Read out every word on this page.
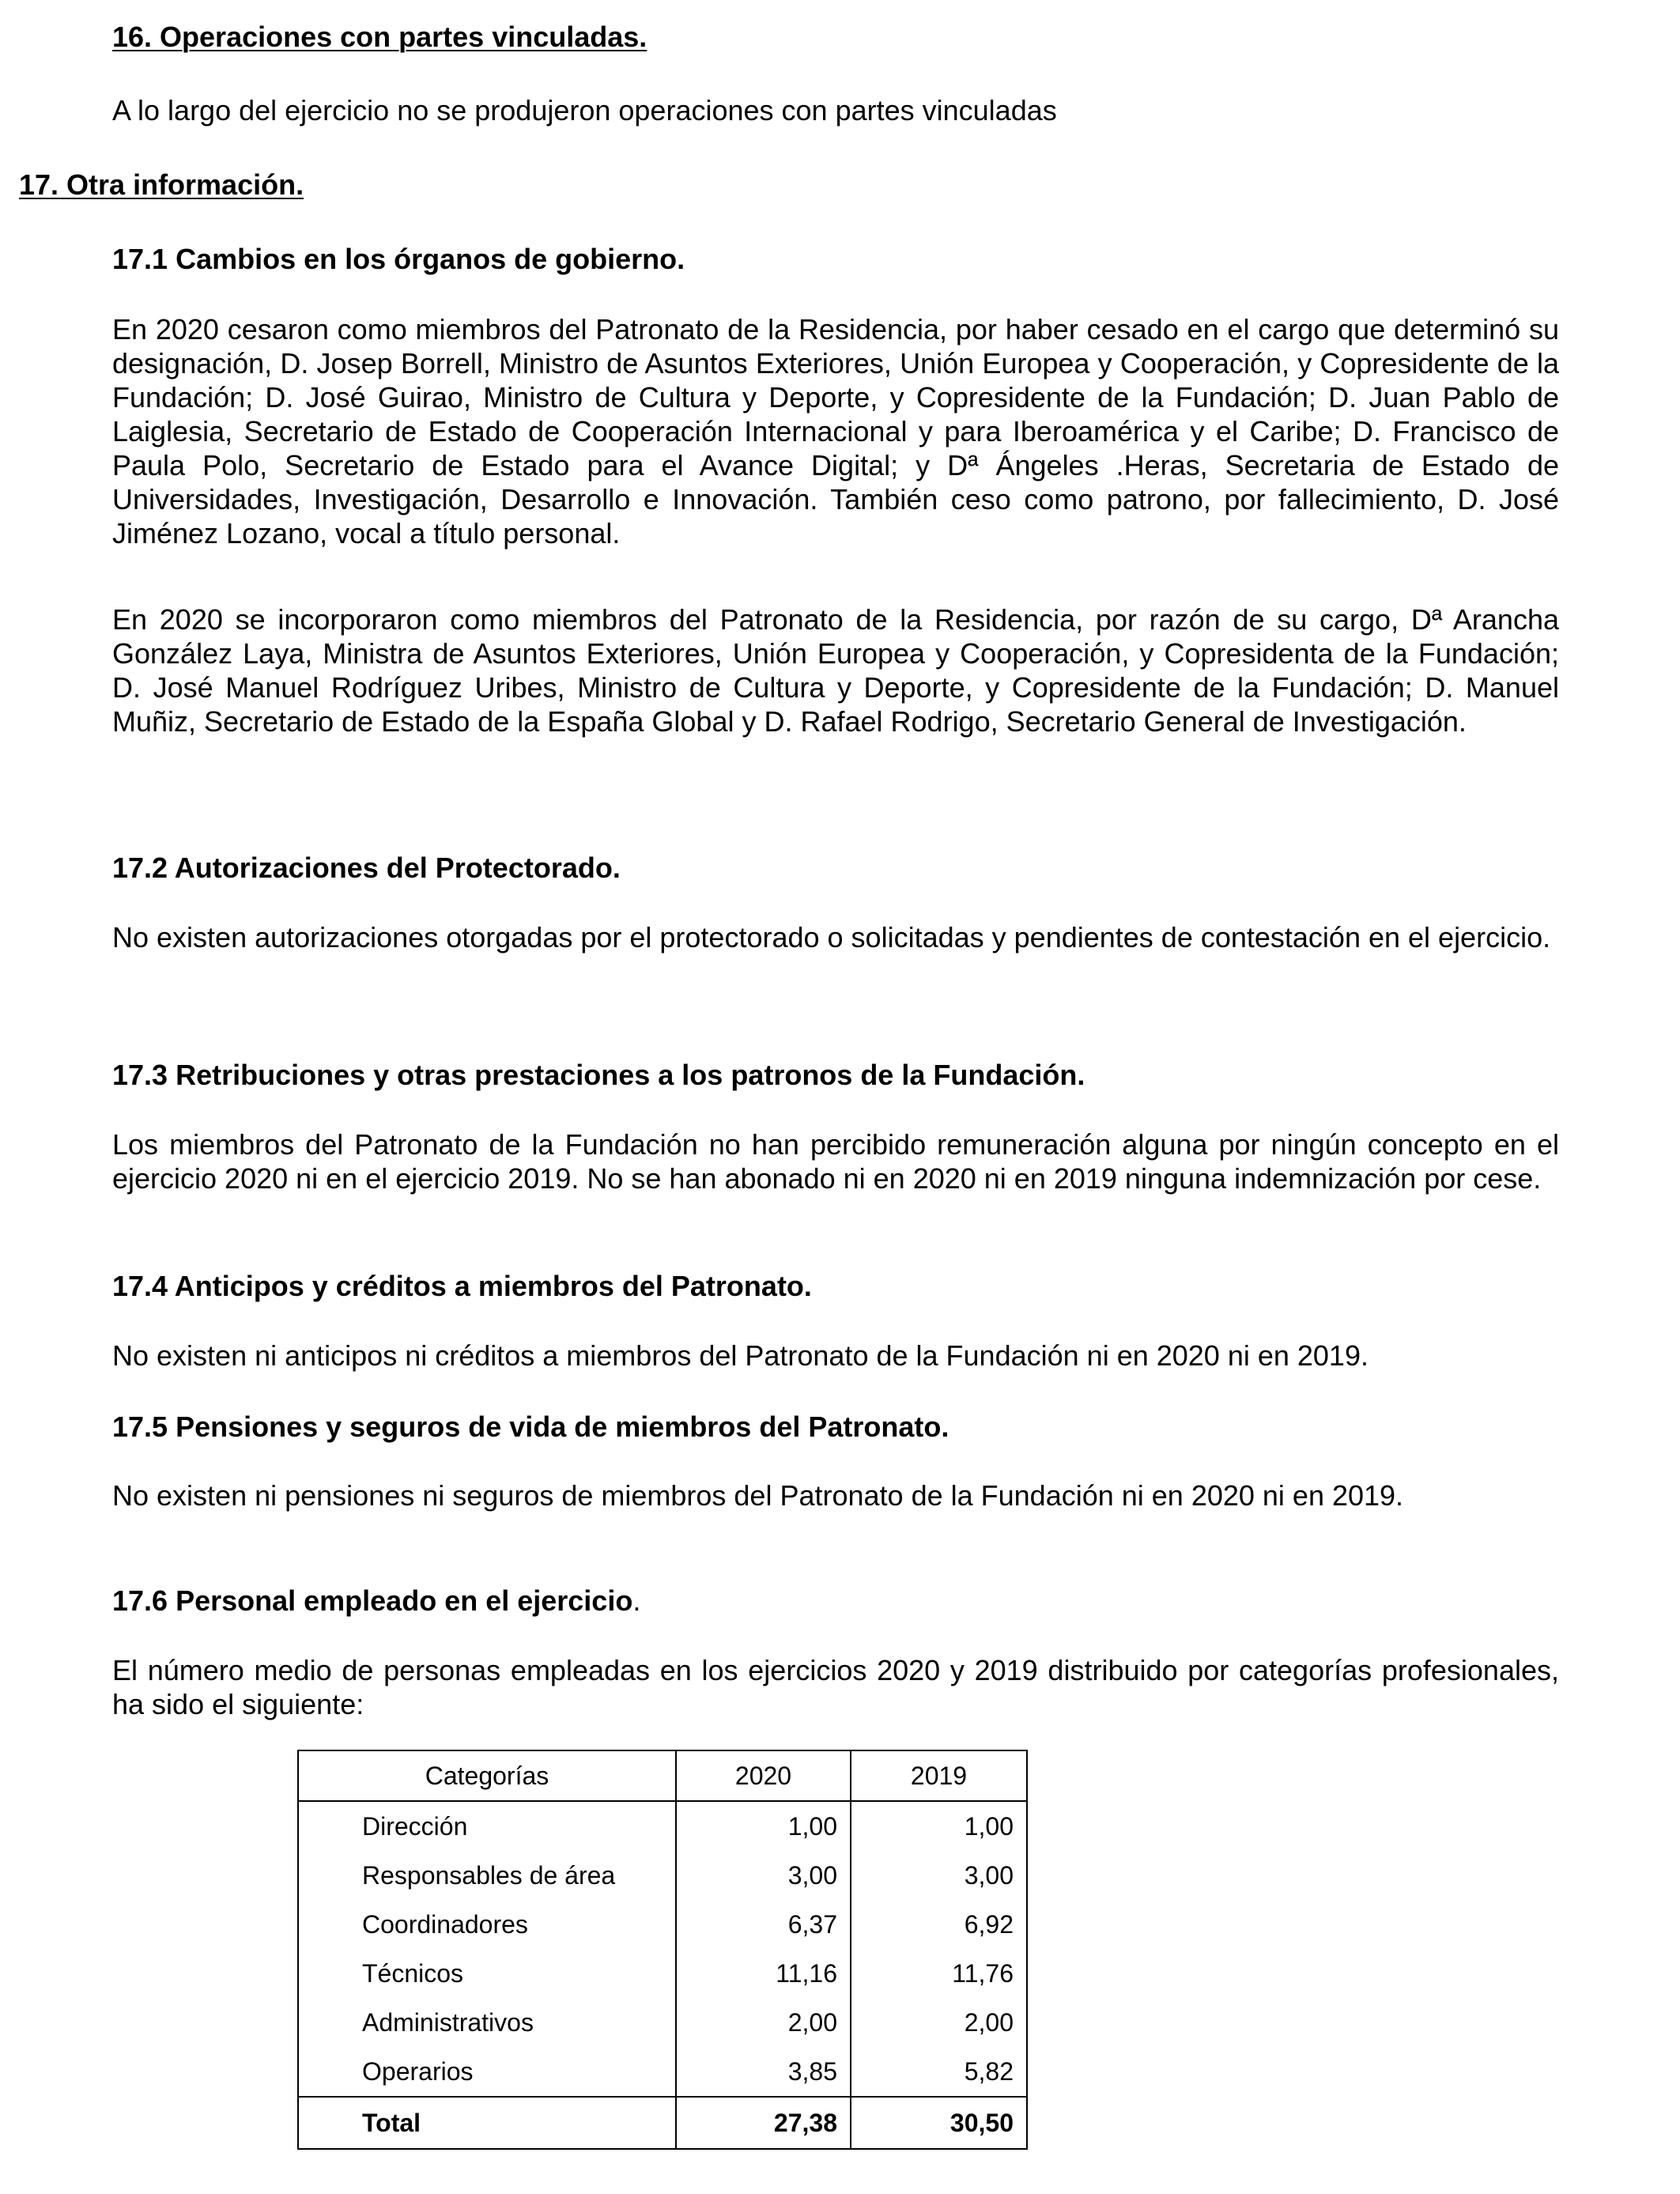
16. Operaciones con partes vinculadas.

A lo largo del ejercicio no se produjeron operaciones con partes vinculadas

17. Otra información.
17.1 Cambios en los órganos de gobierno.

En 2020 cesaron como miembros del Patronato de la Residencia, por haber cesado en el cargo que determinó su designación, D. Josep Borrell, Ministro de Asuntos Exteriores, Unión Europea y Cooperación, y Copresidente de la Fundación; D. José Guirao, Ministro de Cultura y Deporte, y Copresidente de la Fundación; D. Juan Pablo de Laiglesia, Secretario de Estado de Cooperación Internacional y para Iberoamérica y el Caribe; D. Francisco de Paula Polo, Secretario de Estado para el Avance Digital; y Dª Ángeles .Heras, Secretaria de Estado de Universidades, Investigación, Desarrollo e Innovación. También ceso como patrono, por fallecimiento, D. José Jiménez Lozano, vocal a título personal.

En 2020 se incorporaron como miembros del Patronato de la Residencia, por razón de su cargo, Dª Arancha González Laya, Ministra de Asuntos Exteriores, Unión Europea y Cooperación, y Copresidenta de la Fundación; D. José Manuel Rodríguez Uribes, Ministro de Cultura y Deporte, y Copresidente de la Fundación; D. Manuel Muñiz, Secretario de Estado de la España Global y D. Rafael Rodrigo, Secretario General de Investigación.

17.2 Autorizaciones del Protectorado.

No existen autorizaciones otorgadas por el protectorado o solicitadas y pendientes de contestación en el ejercicio.

17.3 Retribuciones y otras prestaciones a los patronos de la Fundación.

Los miembros del Patronato de la Fundación no han percibido remuneración alguna por ningún concepto en el ejercicio 2020 ni en el ejercicio 2019. No se han abonado ni en 2020 ni en 2019 ninguna indemnización por cese.

17.4 Anticipos y créditos a miembros del Patronato.

No existen ni anticipos ni créditos a miembros del Patronato de la Fundación ni en 2020 ni en 2019.

17.5 Pensiones y seguros de vida de miembros del Patronato.

No existen ni pensiones ni seguros de miembros del Patronato de la Fundación ni en 2020 ni en 2019.

17.6 Personal empleado en el ejercicio.

El número medio de personas empleadas en los ejercicios 2020 y 2019 distribuido por categorías profesionales, ha sido el siguiente:

Categorías	2020	2019
Dirección	1,00	1,00
Responsables de área	3,00	3,00
Coordinadores	6,37	6,92
Técnicos	11,16	11,76
Administrativos	2,00	2,00
Operarios	3,85	5,82
Total	27,38	30,50
